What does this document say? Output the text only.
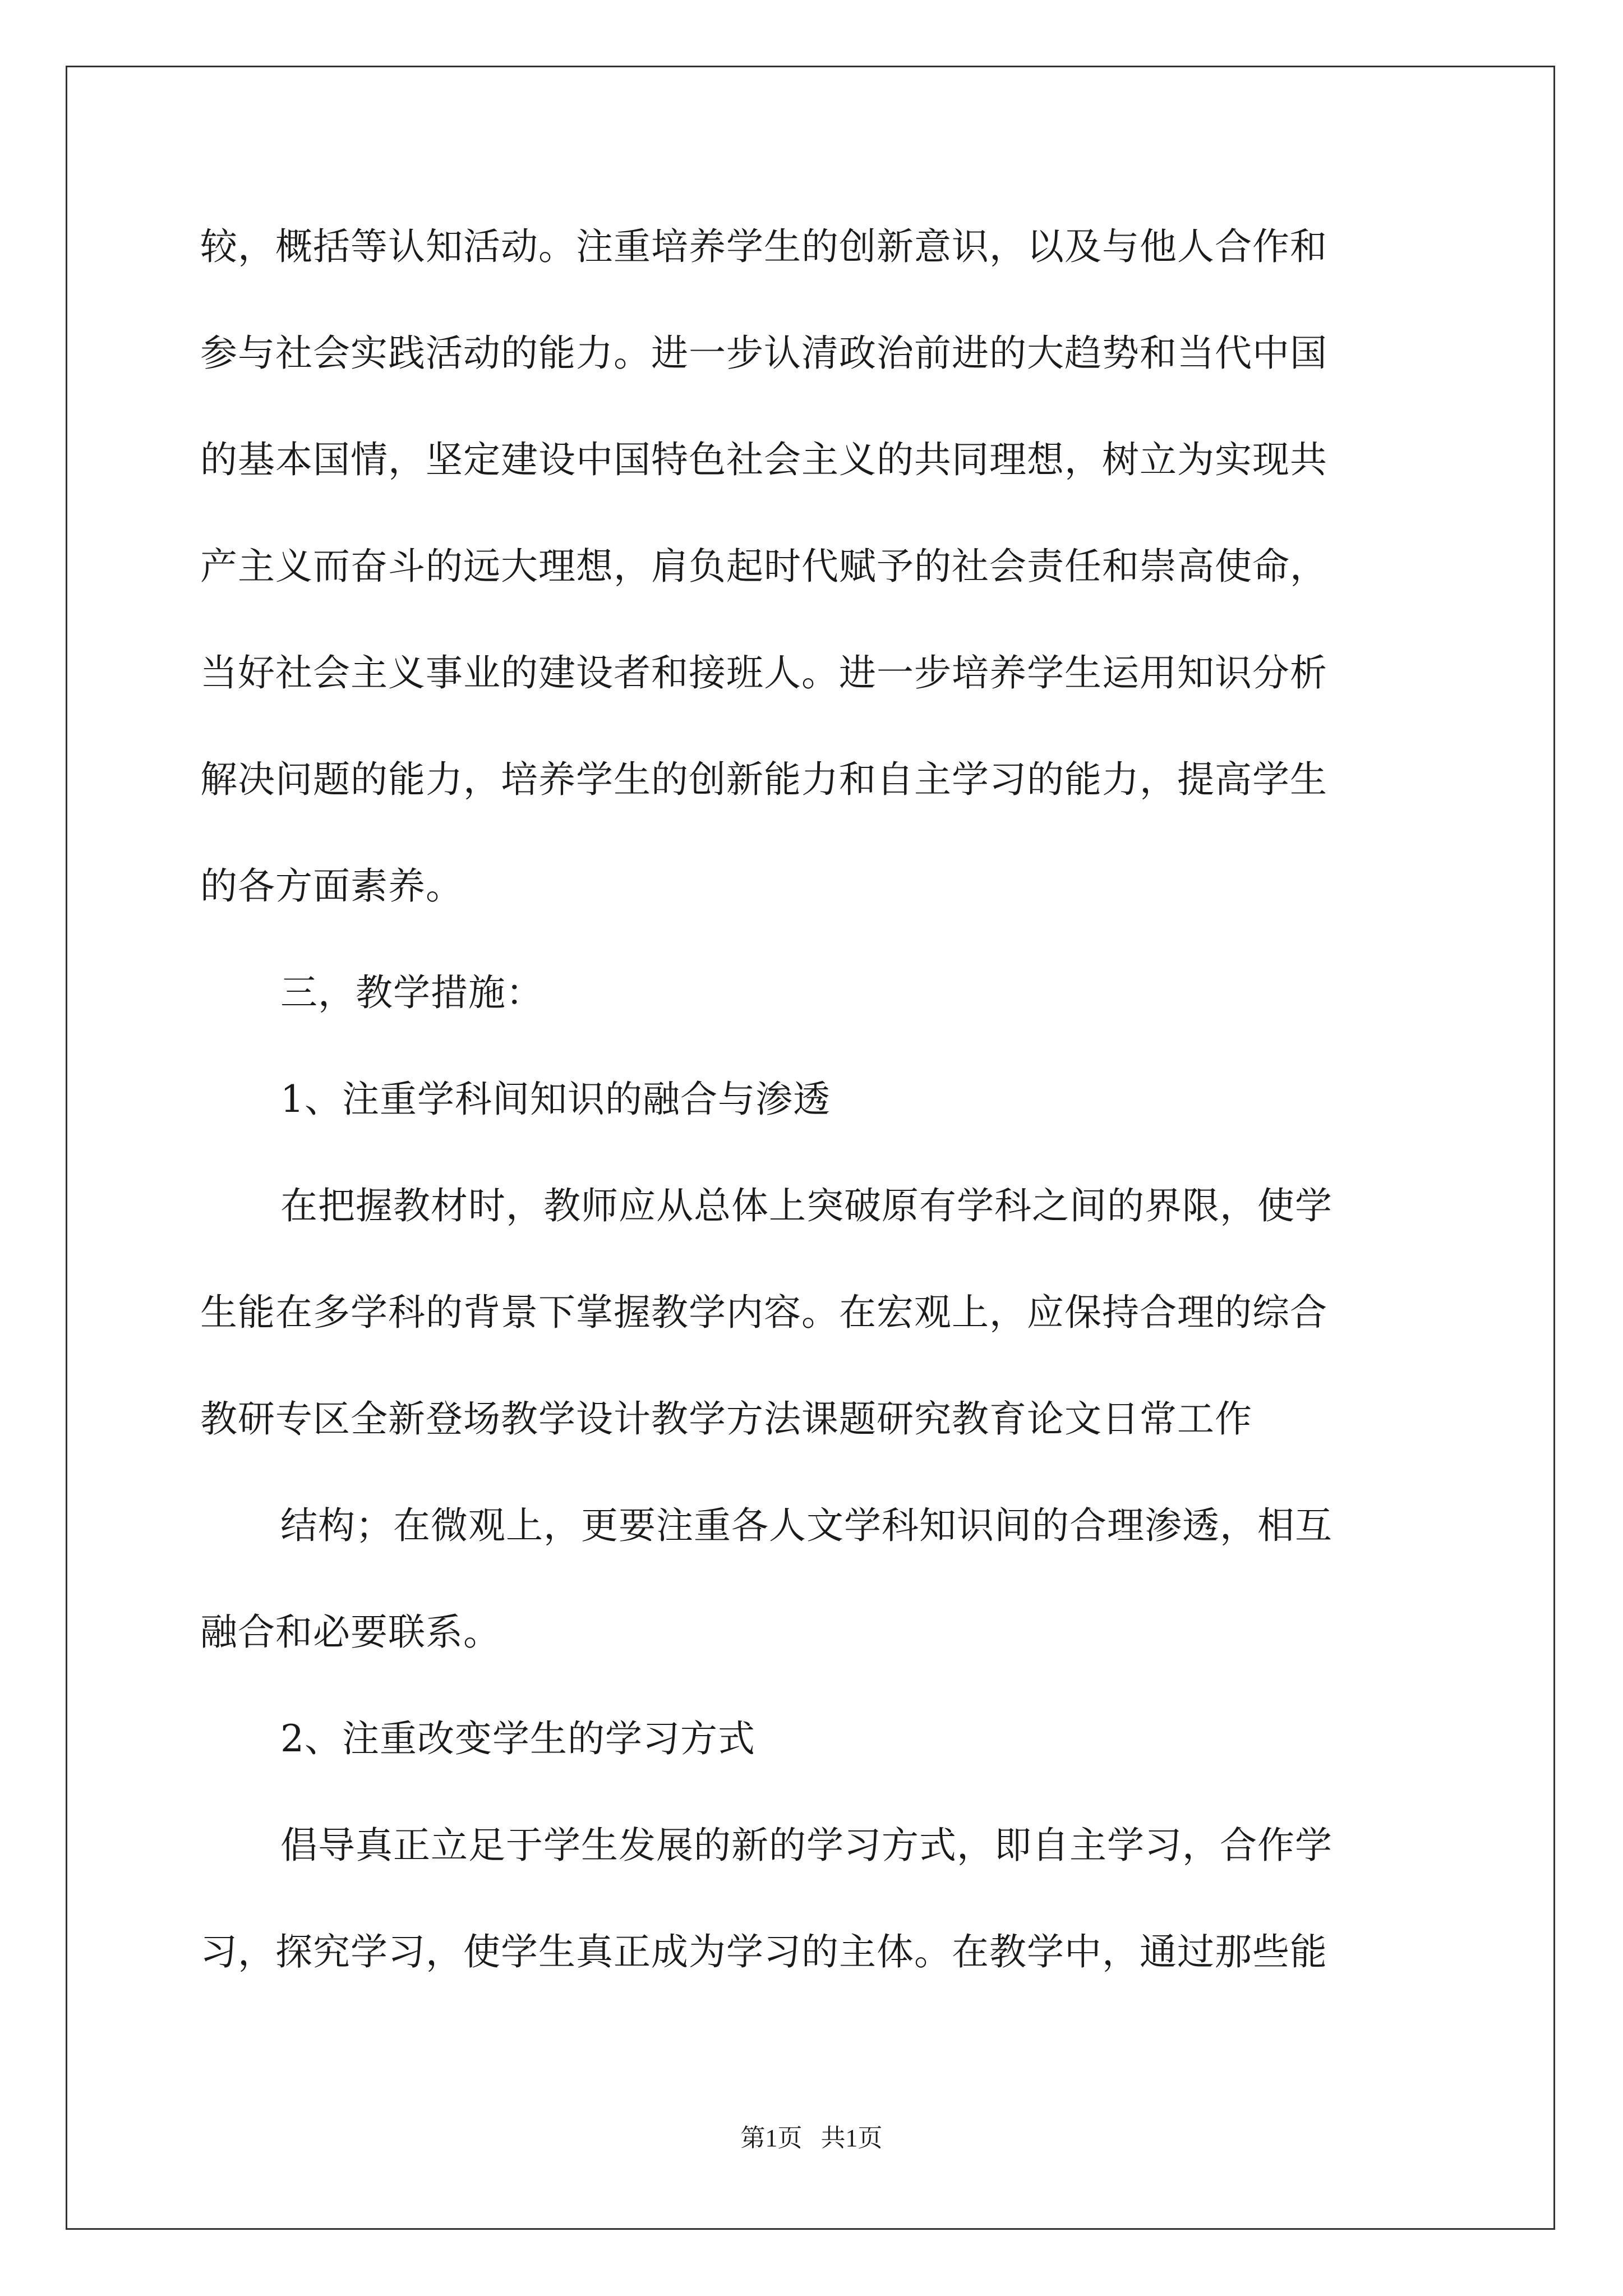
较，概括等认知活动。注重培养学生的创新意识，以及与他人合作和
参与社会实践活动的能力。进一步认清政治前进的大趋势和当代中国
的基本国情，坚定建设中国特色社会主义的共同理想，树立为实现共
产主义而奋斗的远大理想，肩负起时代赋予的社会责任和崇高使命，
当好社会主义事业的建设者和接班人。进一步培养学生运用知识分析
解决问题的能力，培养学生的创新能力和自主学习的能力，提高学生
的各方面素养。
三，教学措施：
1、注重学科间知识的融合与渗透
在把握教材时，教师应从总体上突破原有学科之间的界限，使学
生能在多学科的背景下掌握教学内容。在宏观上，应保持合理的综合
教研专区全新登场教学设计教学方法课题研究教育论文日常工作
结构；在微观上，更要注重各人文学科知识间的合理渗透，相互
融合和必要联系。
2、注重改变学生的学习方式
倡导真正立足于学生发展的新的学习方式，即自主学习，合作学
习，探究学习，使学生真正成为学习的主体。在教学中，通过那些能
第1页   共1页
